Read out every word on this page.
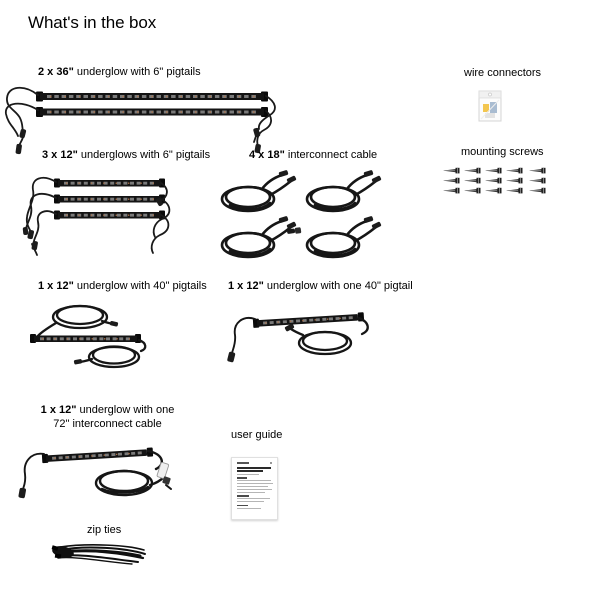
What's in the box
2 x 36" underglow with 6" pigtails
3 x 12" underglows with 6" pigtails	4 x 18" interconnect cable
wire connectors
mounting screws
1 x 12" underglow with 40" pigtails 1 x 12" underglow with one 40" pigtail
1 x 12" underglow with one
72" interconnect cable
user guide
zip ties
